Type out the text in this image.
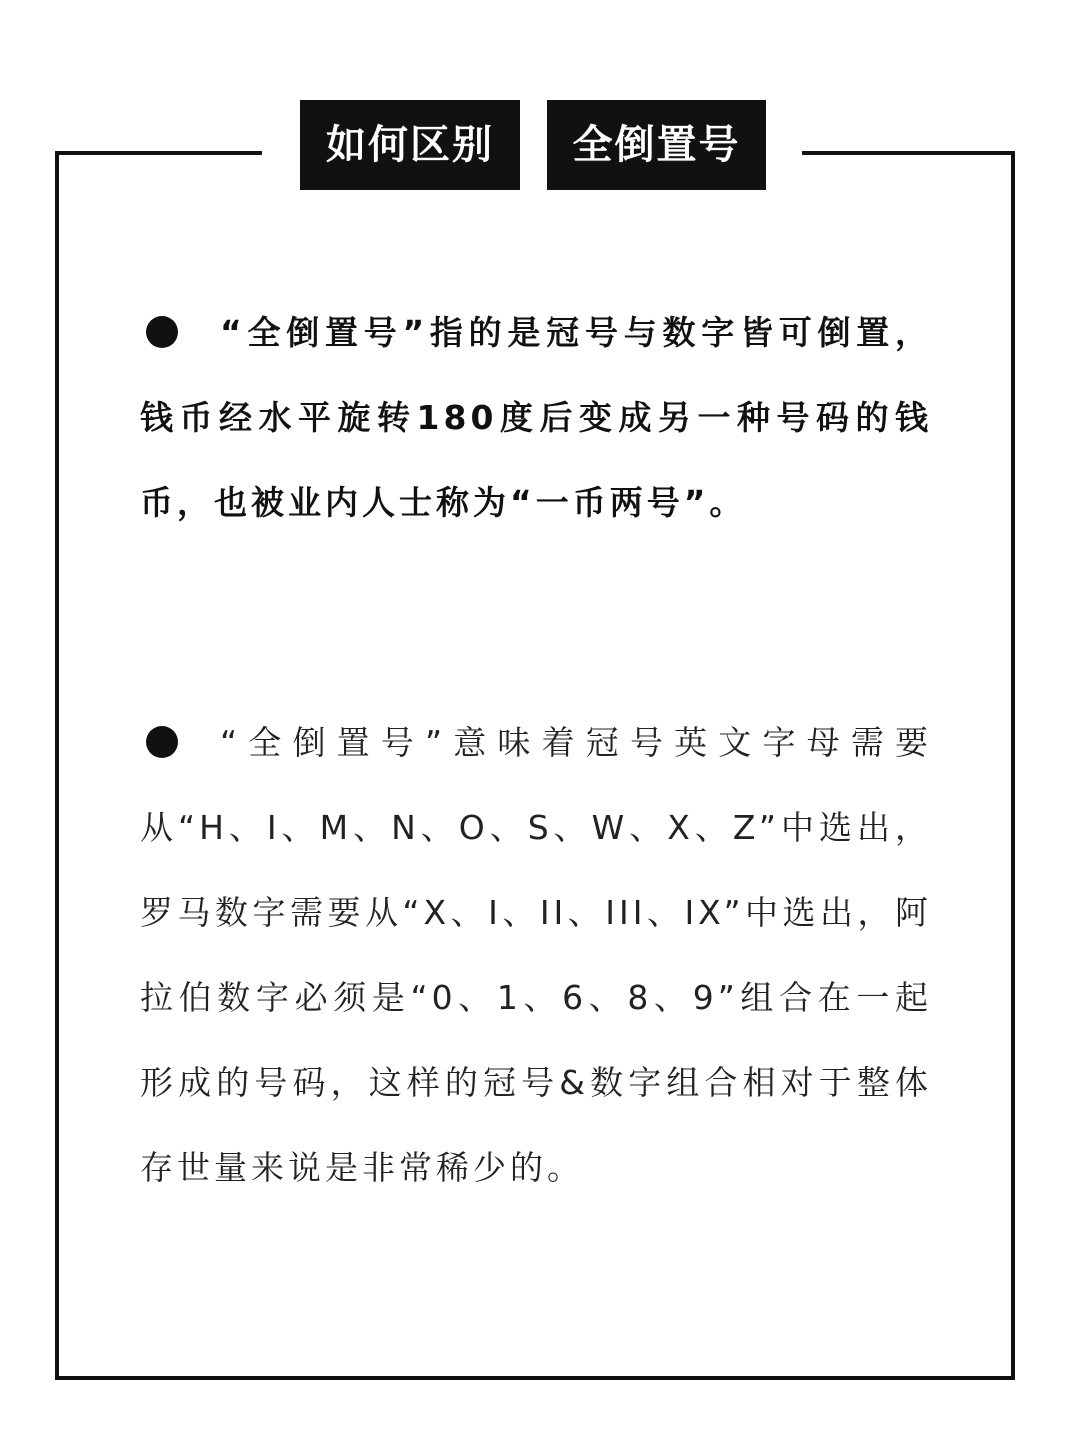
如何区别	全倒置号

“全倒置号”指的是冠号与数字皆可倒置，钱币经水平旋转180度后变成另一种号码的钱币，也被业内人士称为“一币两号”。

“全倒置号”意味着冠号英文字母需要从“H、I、M、N、O、S、W、X、Z”中选出，罗马数字需要从“X、I、II、III、IX”中选出，阿拉伯数字必须是“0、1、6、8、9”组合在一起形成的号码，这样的冠号&数字组合相对于整体存世量来说是非常稀少的。
